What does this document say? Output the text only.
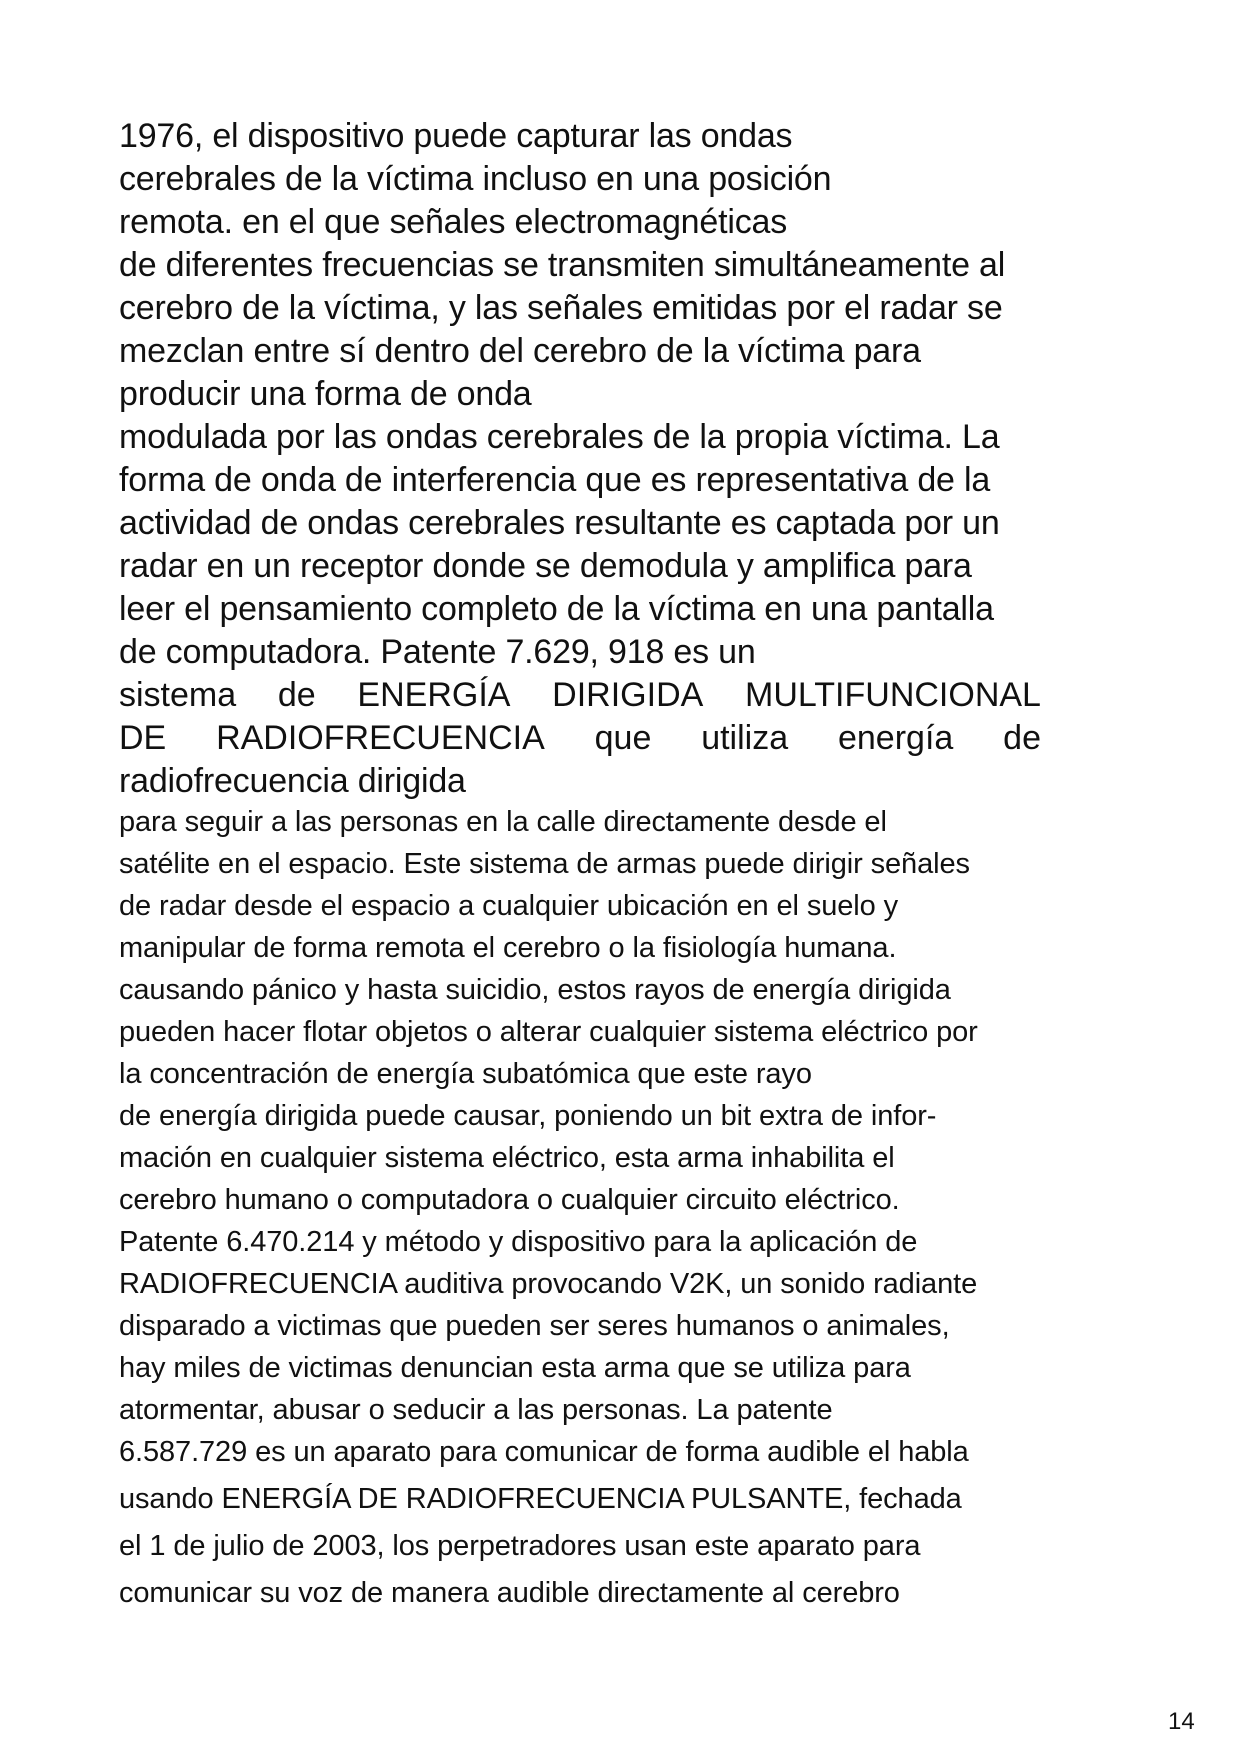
1976, el dispositivo puede capturar las ondas
cerebrales de la víctima incluso en una posición
remota. en el que señales electromagnéticas
de diferentes frecuencias se transmiten simultáneamente al
cerebro de la víctima, y las señales emitidas por el radar se
mezclan entre sí dentro del cerebro de la víctima para
producir una forma de onda
modulada por las ondas cerebrales de la propia víctima. La
forma de onda de interferencia que es representativa de la
actividad de ondas cerebrales resultante es captada por un
radar en un receptor donde se demodula y amplifica para
leer el pensamiento completo de la víctima en una pantalla
de computadora. Patente 7.629, 918 es un
sistema de ENERGÍA DIRIGIDA MULTIFUNCIONAL
DE RADIOFRECUENCIA que utiliza energía de
radiofrecuencia dirigida
para seguir a las personas en la calle directamente desde el
satélite en el espacio. Este sistema de armas puede dirigir señales
de radar desde el espacio a cualquier ubicación en el suelo y
manipular de forma remota el cerebro o la fisiología humana.
causando pánico y hasta suicidio, estos rayos de energía dirigida
pueden hacer flotar objetos o alterar cualquier sistema eléctrico por
la concentración de energía subatómica que este rayo
de energía dirigida puede causar, poniendo un bit extra de infor-
mación en cualquier sistema eléctrico, esta arma inhabilita el
cerebro humano o computadora o cualquier circuito eléctrico.
Patente 6.470.214 y método y dispositivo para la aplicación de
RADIOFRECUENCIA auditiva provocando V2K, un sonido radiante
disparado a victimas que pueden ser seres humanos o animales,
hay miles de victimas denuncian esta arma que se utiliza para
atormentar, abusar o seducir a las personas. La patente
6.587.729 es un aparato para comunicar de forma audible el habla
usando ENERGÍA DE RADIOFRECUENCIA PULSANTE, fechada
el 1 de julio de 2003, los perpetradores usan este aparato para
comunicar su voz de manera audible directamente al cerebro
14
